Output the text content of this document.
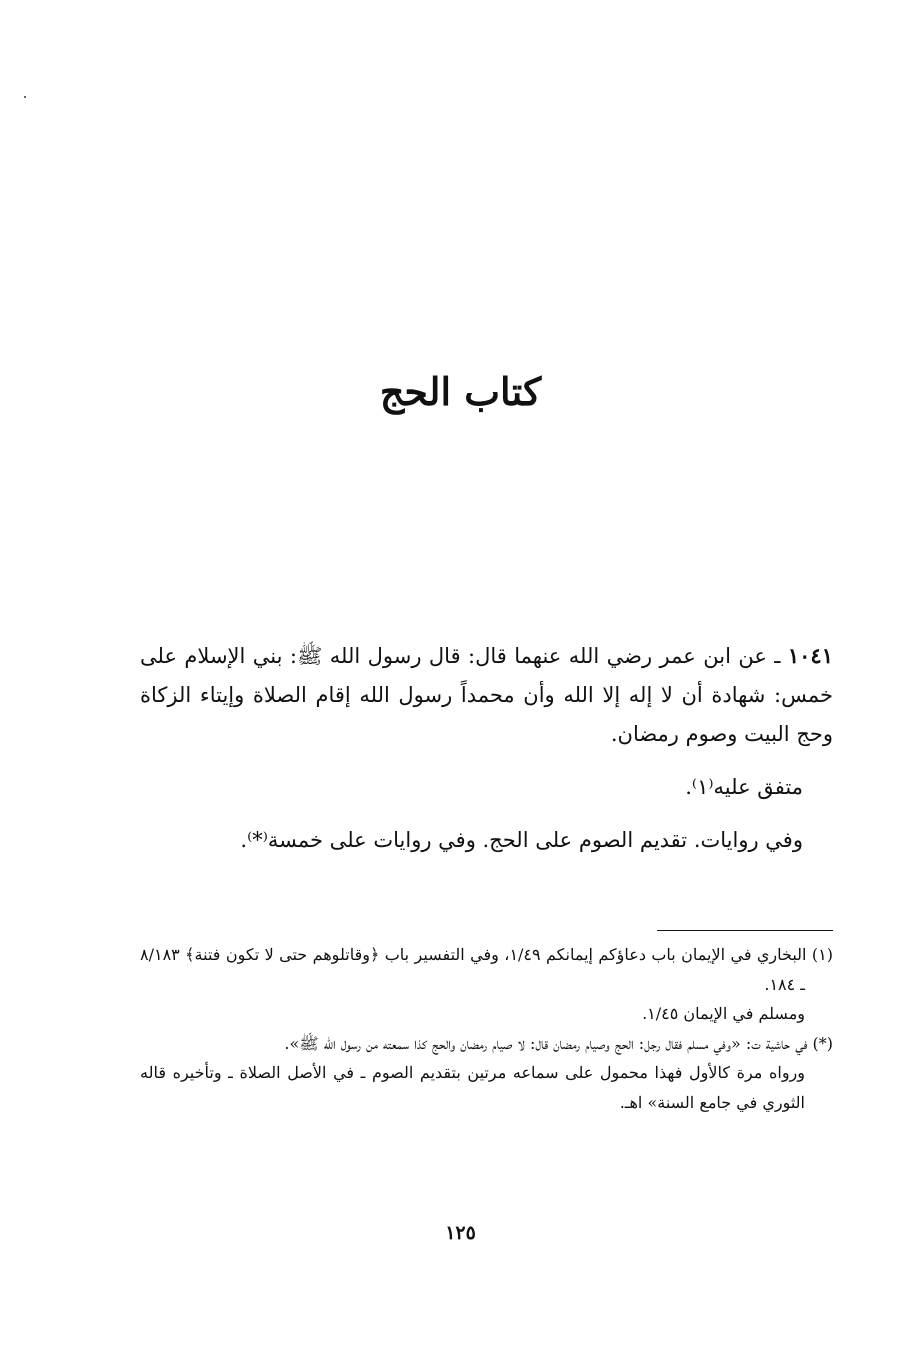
كتاب الحج

١٠٤١ ـ عن ابن عمر رضي الله عنهما قال: قال رسول الله ﷺ: بني الإسلام على خمس: شهادة أن لا إله إلا الله وأن محمداً رسول الله إقام الصلاة وإيتاء الزكاة وحج البيت وصوم رمضان.

متفق عليه⁽١⁾.

وفي روايات. تقديم الصوم على الحج. وفي روايات على خمسة⁽*⁾.

(١) البخاري في الإيمان باب دعاؤكم إيمانكم ١/٤٩، وفي التفسير باب ﴿وقاتلوهم حتى لا تكون فتنة﴾ ٨/١٨٣ ـ ١٨٤.

ومسلم في الإيمان ١/٤٥.

(*) في حاشية ت: «وفي مسلم فقال رجل: الحج وصيام رمضان قال: لا صيام رمضان والحج كذا سمعته من رسول الله ﷺ».

ورواه مرة كالأول فهذا محمول على سماعه مرتين بتقديم الصوم ـ في الأصل الصلاة ـ وتأخيره قاله الثوري في جامع السنة» اهـ.

١٢٥
